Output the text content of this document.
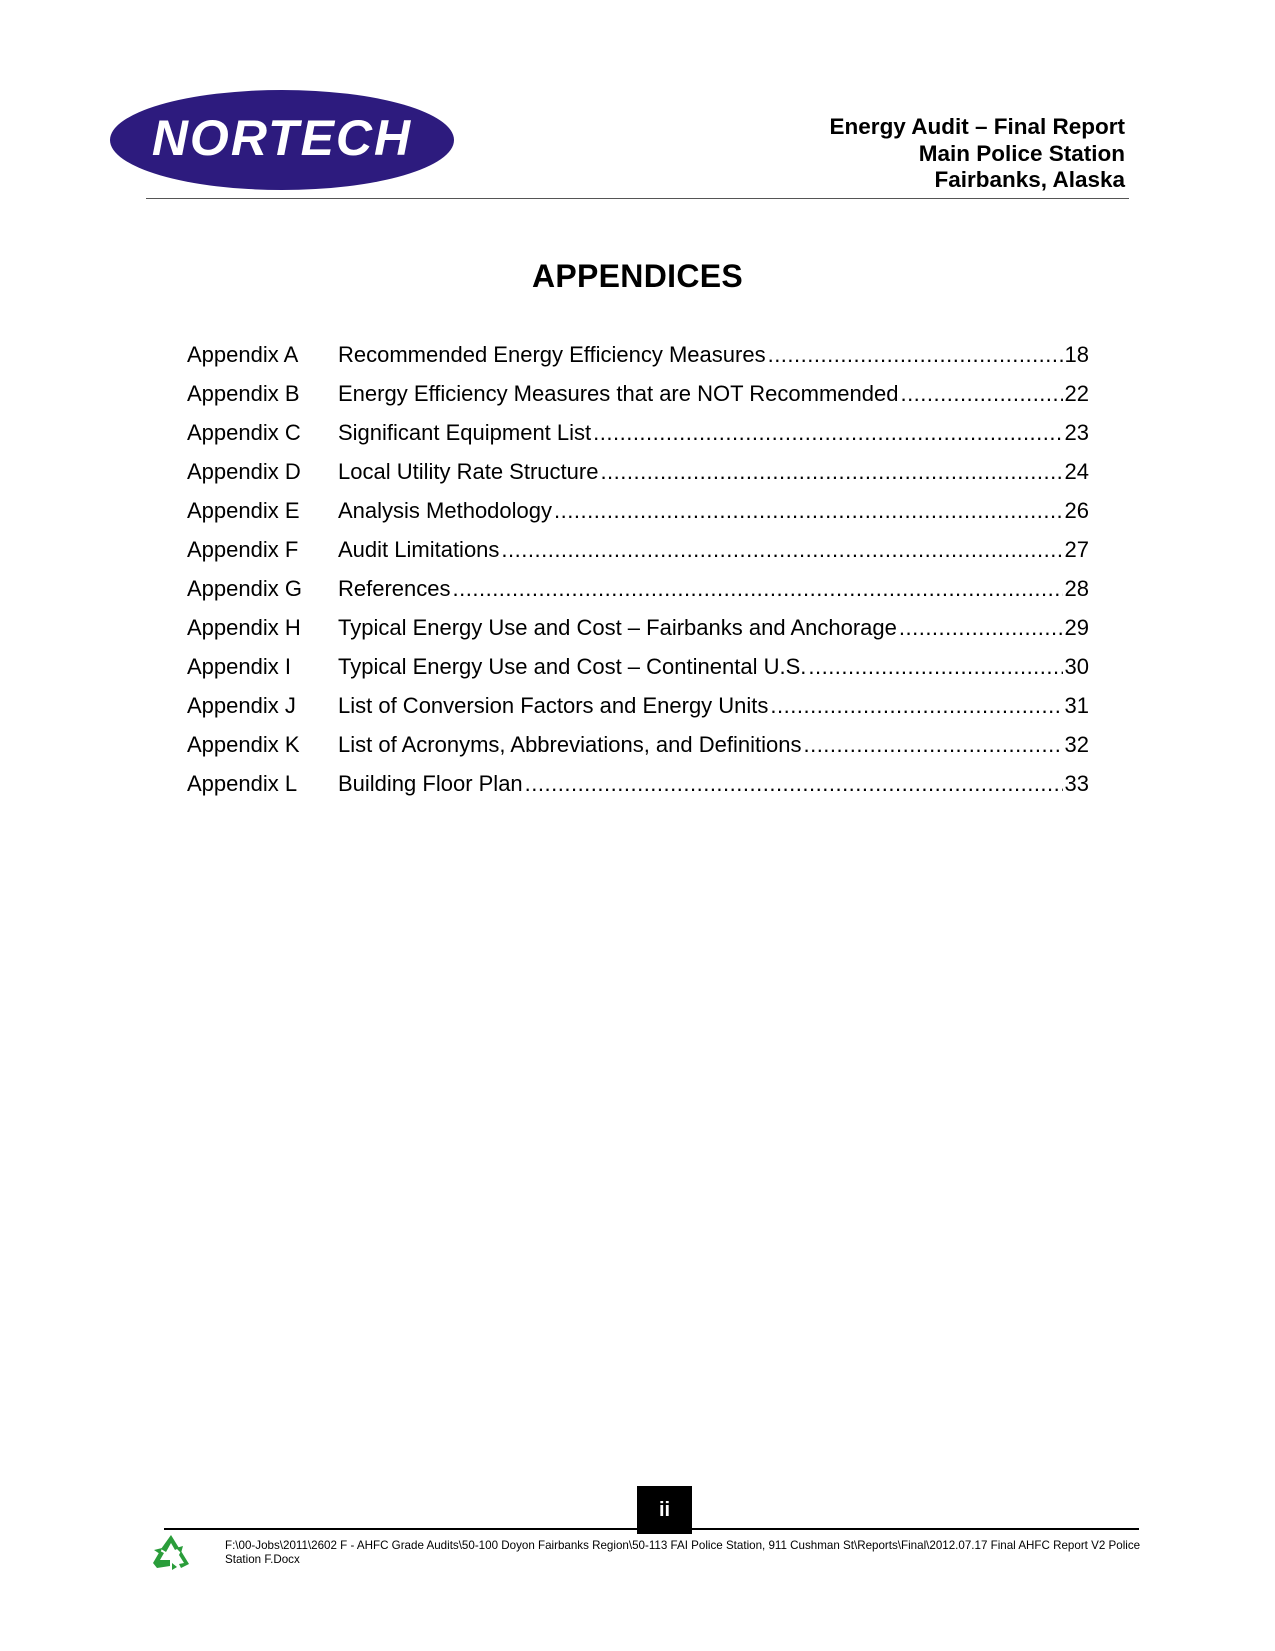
NORTECH	Energy Audit – Final Report
Main Police Station
Fairbanks, Alaska
APPENDICES
Appendix A	Recommended Energy Efficiency Measures .....	18
Appendix B	Energy Efficiency Measures that are NOT Recommended .....	22
Appendix C	Significant Equipment List .....	23
Appendix D	Local Utility Rate Structure .....	24
Appendix E	Analysis Methodology .....	26
Appendix F	Audit Limitations .....	27
Appendix G	References .....	28
Appendix H	Typical Energy Use and Cost – Fairbanks and Anchorage .....	29
Appendix I	Typical Energy Use and Cost – Continental U.S. .....	30
Appendix J	List of Conversion Factors and Energy Units .....	31
Appendix K	List of Acronyms, Abbreviations, and Definitions .....	32
Appendix L	Building Floor Plan .....	33
ii
F:\00-Jobs\2011\2602 F - AHFC Grade Audits\50-100 Doyon Fairbanks Region\50-113 FAI Police Station, 911 Cushman St\Reports\Final\2012.07.17 Final AHFC Report V2 Police Station F.Docx
